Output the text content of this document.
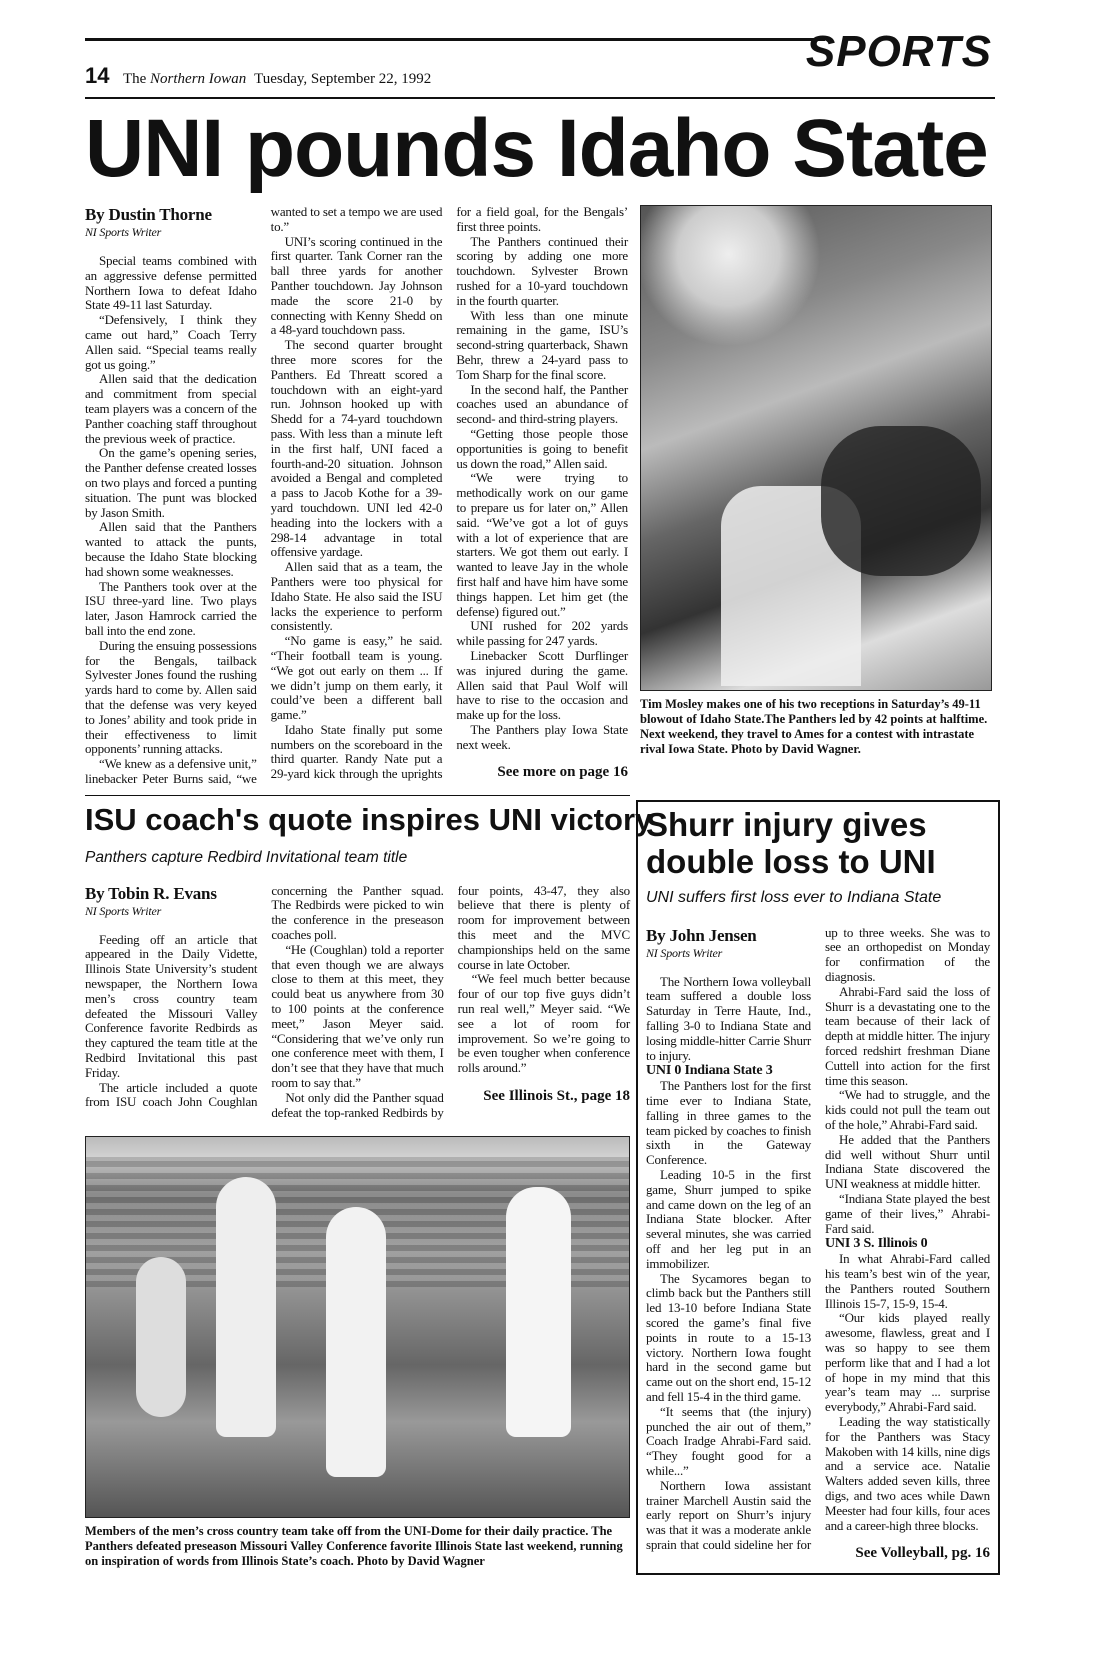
14 The Northern Iowan Tuesday, September 22, 1992
SPORTS
UNI pounds Idaho State
By Dustin Thorne
NI Sports Writer

Special teams combined with an aggressive defense permitted Northern Iowa to defeat Idaho State 49-11 last Saturday.

“Defensively, I think they came out hard,” Coach Terry Allen said. “Special teams really got us going.”

Allen said that the dedication and commitment from special team players was a concern of the Panther coaching staff throughout the previous week of practice.

On the game’s opening series, the Panther defense created losses on two plays and forced a punting situation. The punt was blocked by Jason Smith.

Allen said that the Panthers wanted to attack the punts, because the Idaho State blocking had shown some weaknesses.

The Panthers took over at the ISU three-yard line. Two plays later, Jason Hamrock carried the ball into the end zone.

During the ensuing possessions for the Bengals, tailback Sylvester Jones found the rushing yards hard to come by. Allen said that the defense was very keyed to Jones’ ability and took pride in their effectiveness to limit opponents’ running attacks.

“We knew as a defensive unit,” linebacker Peter Burns said, “we wanted to set a tempo we are used to.”

UNI’s scoring continued in the first quarter. Tank Corner ran the ball three yards for another Panther touchdown. Jay Johnson made the score 21-0 by connecting with Kenny Shedd on a 48-yard touchdown pass.

The second quarter brought three more scores for the Panthers. Ed Threatt scored a touchdown with an eight-yard run. Johnson hooked up with Shedd for a 74-yard touchdown pass. With less than a minute left in the first half, UNI faced a fourth-and-20 situation. Johnson avoided a Bengal and completed a pass to Jacob Kothe for a 39-yard touchdown. UNI led 42-0 heading into the lockers with a 298-14 advantage in total offensive yardage.

Allen said that as a team, the Panthers were too physical for Idaho State. He also said the ISU lacks the experience to perform consistently.

“No game is easy,” he said. “Their football team is young. “We got out early on them ... If we didn’t jump on them early, it could’ve been a different ball game.”

Idaho State finally put some numbers on the scoreboard in the third quarter. Randy Nate put a 29-yard kick through the uprights for a field goal, for the Bengals’ first three points.

The Panthers continued their scoring by adding one more touchdown. Sylvester Brown rushed for a 10-yard touchdown in the fourth quarter.

With less than one minute remaining in the game, ISU’s second-string quarterback, Shawn Behr, threw a 24-yard pass to Tom Sharp for the final score.

In the second half, the Panther coaches used an abundance of second- and third-string players.

“Getting those people those opportunities is going to benefit us down the road,” Allen said.

“We were trying to methodically work on our game to prepare us for later on,” Allen said. “We’ve got a lot of guys with a lot of experience that are starters. We got them out early. I wanted to leave Jay in the whole first half and have him have some things happen. Let him get (the defense) figured out.”

UNI rushed for 202 yards while passing for 247 yards.

Linebacker Scott Durflinger was injured during the game. Allen said that Paul Wolf will have to rise to the occasion and make up for the loss.

The Panthers play Iowa State next week.

See more on page 16
Tim Mosley makes one of his two receptions in Saturday’s 49-11 blowout of Idaho State.The Panthers led by 42 points at halftime. Next weekend, they travel to Ames for a contest with intrastate rival Iowa State. Photo by David Wagner.
ISU coach's quote inspires UNI victory
Panthers capture Redbird Invitational team title
By Tobin R. Evans
NI Sports Writer

Feeding off an article that appeared in the Daily Vidette, Illinois State University’s student newspaper, the Northern Iowa men’s cross country team defeated the Missouri Valley Conference favorite Redbirds as they captured the team title at the Redbird Invitational this past Friday.

The article included a quote from ISU coach John Coughlan concerning the Panther squad. The Redbirds were picked to win the conference in the preseason coaches poll.

“He (Coughlan) told a reporter that even though we are always close to them at this meet, they could beat us anywhere from 30 to 100 points at the conference meet,” Jason Meyer said. “Considering that we’ve only run one conference meet with them, I don’t see that they have that much room to say that.”

Not only did the Panther squad defeat the top-ranked Redbirds by four points, 43-47, they also believe that there is plenty of room for improvement between this meet and the MVC championships held on the same course in late October.

“We feel much better because four of our top five guys didn’t run real well,” Meyer said. “We see a lot of room for improvement. So we’re going to be even tougher when conference rolls around.”

See Illinois St., page 18
Members of the men’s cross country team take off from the UNI-Dome for their daily practice. The Panthers defeated preseason Missouri Valley Conference favorite Illinois State last weekend, running on inspiration of words from Illinois State’s coach. Photo by David Wagner
Shurr injury gives double loss to UNI
UNI suffers first loss ever to Indiana State
By John Jensen
NI Sports Writer

The Northern Iowa volleyball team suffered a double loss Saturday in Terre Haute, Ind., falling 3-0 to Indiana State and losing middle-hitter Carrie Shurr to injury.

UNI 0 Indiana State 3

The Panthers lost for the first time ever to Indiana State, falling in three games to the team picked by coaches to finish sixth in the Gateway Conference.

Leading 10-5 in the first game, Shurr jumped to spike and came down on the leg of an Indiana State blocker. After several minutes, she was carried off and her leg put in an immobilizer.

The Sycamores began to climb back but the Panthers still led 13-10 before Indiana State scored the game’s final five points in route to a 15-13 victory. Northern Iowa fought hard in the second game but came out on the short end, 15-12 and fell 15-4 in the third game.

“It seems that (the injury) punched the air out of them,” Coach Iradge Ahrabi-Fard said. “They fought good for a while...”

Northern Iowa assistant trainer Marchell Austin said the early report on Shurr’s injury was that it was a moderate ankle sprain that could sideline her for up to three weeks. She was to see an orthopedist on Monday for confirmation of the diagnosis.

Ahrabi-Fard said the loss of Shurr is a devastating one to the team because of their lack of depth at middle hitter. The injury forced redshirt freshman Diane Cuttell into action for the first time this season.

“We had to struggle, and the kids could not pull the team out of the hole,” Ahrabi-Fard said.

He added that the Panthers did well without Shurr until Indiana State discovered the UNI weakness at middle hitter.

“Indiana State played the best game of their lives,” Ahrabi-Fard said.

UNI 3 S. Illinois 0

In what Ahrabi-Fard called his team’s best win of the year, the Panthers routed Southern Illinois 15-7, 15-9, 15-4.

“Our kids played really awesome, flawless, great and I was so happy to see them perform like that and I had a lot of hope in my mind that this year’s team may ... surprise everybody,” Ahrabi-Fard said.

Leading the way statistically for the Panthers was Stacy Makoben with 14 kills, nine digs and a service ace. Natalie Walters added seven kills, three digs, and two aces while Dawn Meester had four kills, four aces and a career-high three blocks.

See Volleyball, pg. 16
